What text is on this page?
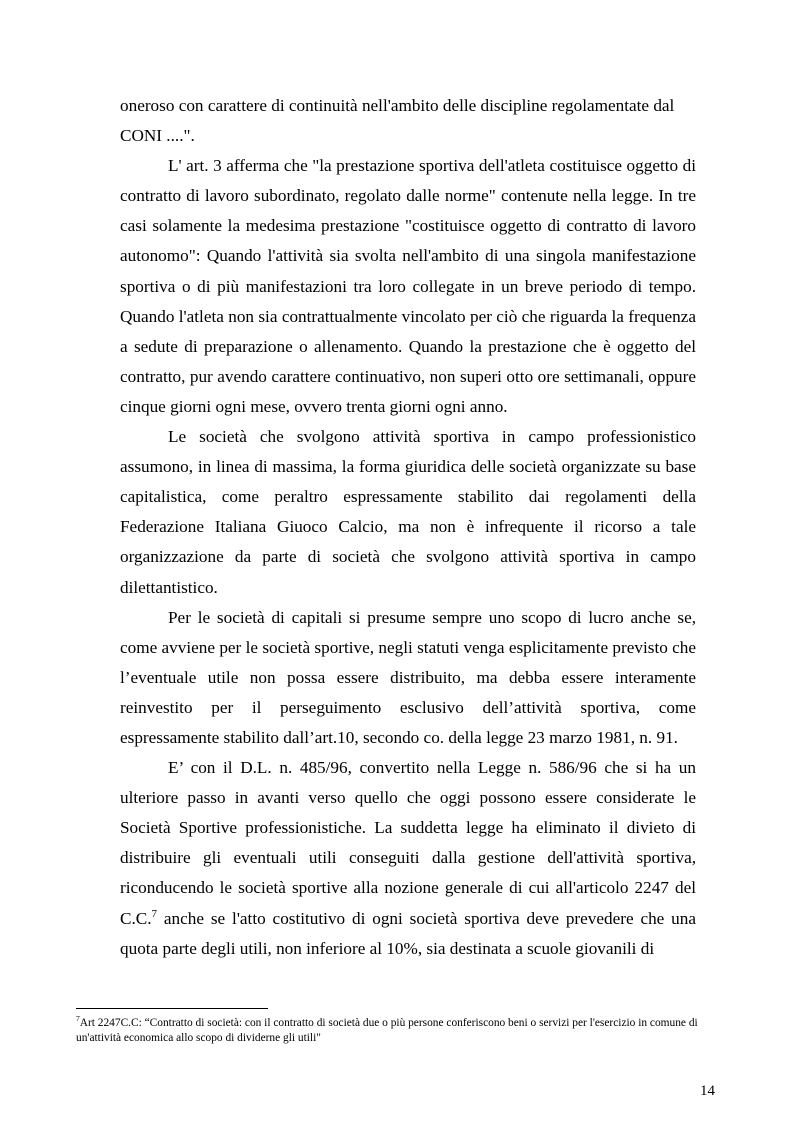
oneroso con carattere di continuità nell'ambito delle discipline regolamentate dal CONI ....".

L' art. 3 afferma che "la prestazione sportiva dell'atleta costituisce oggetto di contratto di lavoro subordinato, regolato dalle norme" contenute nella legge. In tre casi solamente la medesima prestazione "costituisce oggetto di contratto di lavoro autonomo": Quando l'attività sia svolta nell'ambito di una singola manifestazione sportiva o di più manifestazioni tra loro collegate in un breve periodo di tempo. Quando l'atleta non sia contrattualmente vincolato per ciò che riguarda la frequenza a sedute di preparazione o allenamento. Quando la prestazione che è oggetto del contratto, pur avendo carattere continuativo, non superi otto ore settimanali, oppure cinque giorni ogni mese, ovvero trenta giorni ogni anno.

Le società che svolgono attività sportiva in campo professionistico assumono, in linea di massima, la forma giuridica delle società organizzate su base capitalistica, come peraltro espressamente stabilito dai regolamenti della Federazione Italiana Giuoco Calcio, ma non è infrequente il ricorso a tale organizzazione da parte di società che svolgono attività sportiva in campo dilettantistico.

Per le società di capitali si presume sempre uno scopo di lucro anche se, come avviene per le società sportive, negli statuti venga esplicitamente previsto che l’eventuale utile non possa essere distribuito, ma debba essere interamente reinvestito per il perseguimento esclusivo dell’attività sportiva, come espressamente stabilito dall’art.10, secondo co. della legge 23 marzo 1981, n. 91.

E’ con il D.L. n. 485/96, convertito nella Legge n. 586/96 che si ha un ulteriore passo in avanti verso quello che oggi possono essere considerate le Società Sportive professionistiche. La suddetta legge ha eliminato il divieto di distribuire gli eventuali utili conseguiti dalla gestione dell'attività sportiva, riconducendo le società sportive alla nozione generale di cui all'articolo 2247 del C.C.$^7$ anche se l'atto costitutivo di ogni società sportiva deve prevedere che una quota parte degli utili, non inferiore al 10%, sia destinata a scuole giovanili di

$^7$Art 2247C.C: “Contratto di società: con il contratto di società due o più persone conferiscono beni o servizi per l'esercizio in comune di un'attività economica allo scopo di dividerne gli utili"
14
